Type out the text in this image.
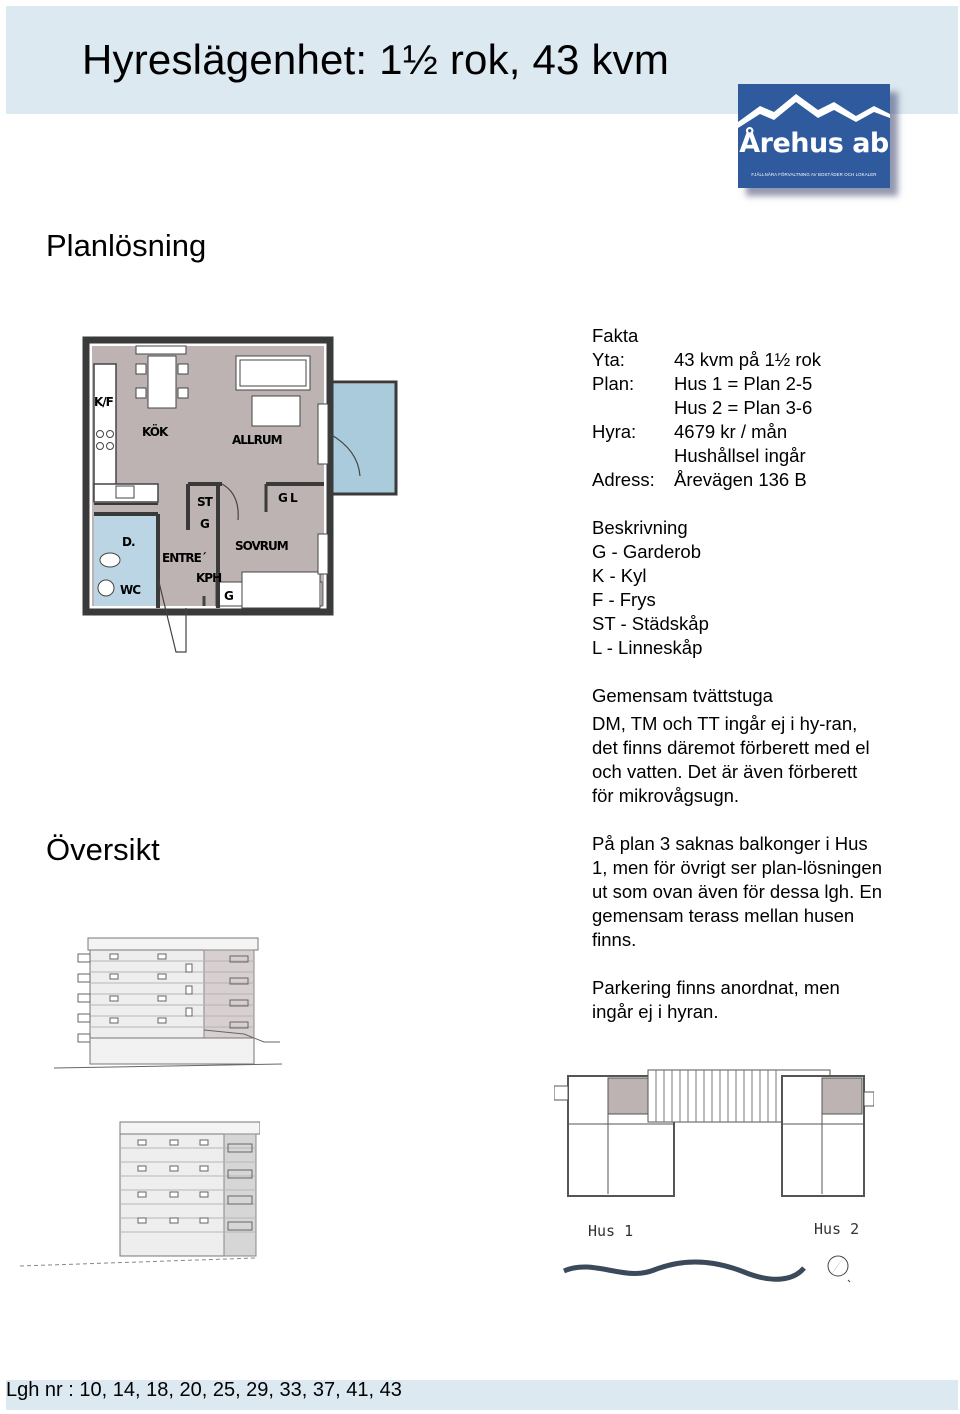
Hyreslägenhet: 1½ rok, 43 kvm
Årehus ab
FJÄLLNÄRA FÖRVALTNING AV BOSTÄDER OCH LOKALER
Planlösning
K/F
KÖK
ALLRUM
ST
G
G L
D.
ENTRE´
SOVRUM
WC
KPH
G
Fakta
Yta:	43 kvm på 1½ rok
Plan:	Hus 1 = Plan 2-5
Hus 2 = Plan 3-6
Hyra:	4679 kr / mån
Hushållsel ingår
Adress:	Årevägen 136 B
Beskrivning
G - Garderob
K - Kyl
F - Frys
ST - Städskåp
L - Linneskåp
Gemensam tvättstuga

DM, TM och TT ingår ej i hy-ran, det finns däremot förberett med el och vatten. Det är även förberett för mikrovågsugn.

På plan 3 saknas balkonger i Hus 1, men för övrigt ser plan-lösningen ut som ovan även för dessa lgh. En gemensam terass mellan husen finns.

Parkering finns anordnat, men ingår ej i hyran.

Översikt
Hus 1	Hus 2
Lgh nr : 10, 14, 18, 20, 25, 29, 33, 37, 41, 43
